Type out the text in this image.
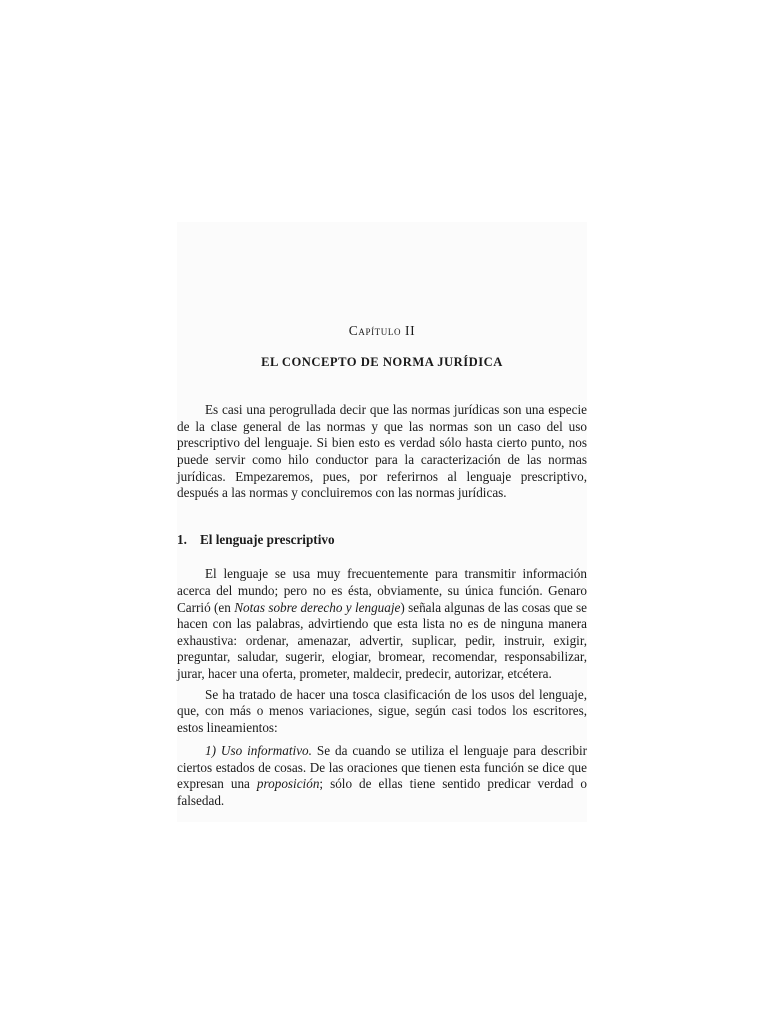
Capítulo II
EL CONCEPTO DE NORMA JURÍDICA

Es casi una perogrullada decir que las normas jurídicas son una especie de la clase general de las normas y que las normas son un caso del uso prescriptivo del lenguaje. Si bien esto es verdad sólo hasta cierto punto, nos puede servir como hilo conductor para la caracterización de las normas jurídicas. Empezaremos, pues, por referirnos al lenguaje prescriptivo, después a las normas y concluiremos con las normas jurídicas.

1. El lenguaje prescriptivo

El lenguaje se usa muy frecuentemente para transmitir información acerca del mundo; pero no es ésta, obviamente, su única función. Genaro Carrió (en Notas sobre derecho y lenguaje) señala algunas de las cosas que se hacen con las palabras, advirtiendo que esta lista no es de ninguna manera exhaustiva: ordenar, amenazar, advertir, suplicar, pedir, instruir, exigir, preguntar, saludar, sugerir, elogiar, bromear, recomendar, responsabilizar, jurar, hacer una oferta, prometer, maldecir, predecir, autorizar, etcétera.

Se ha tratado de hacer una tosca clasificación de los usos del lenguaje, que, con más o menos variaciones, sigue, según casi todos los escritores, estos lineamientos:

1) Uso informativo. Se da cuando se utiliza el lenguaje para describir ciertos estados de cosas. De las oraciones que tienen esta función se dice que expresan una proposición; sólo de ellas tiene sentido predicar verdad o falsedad.
